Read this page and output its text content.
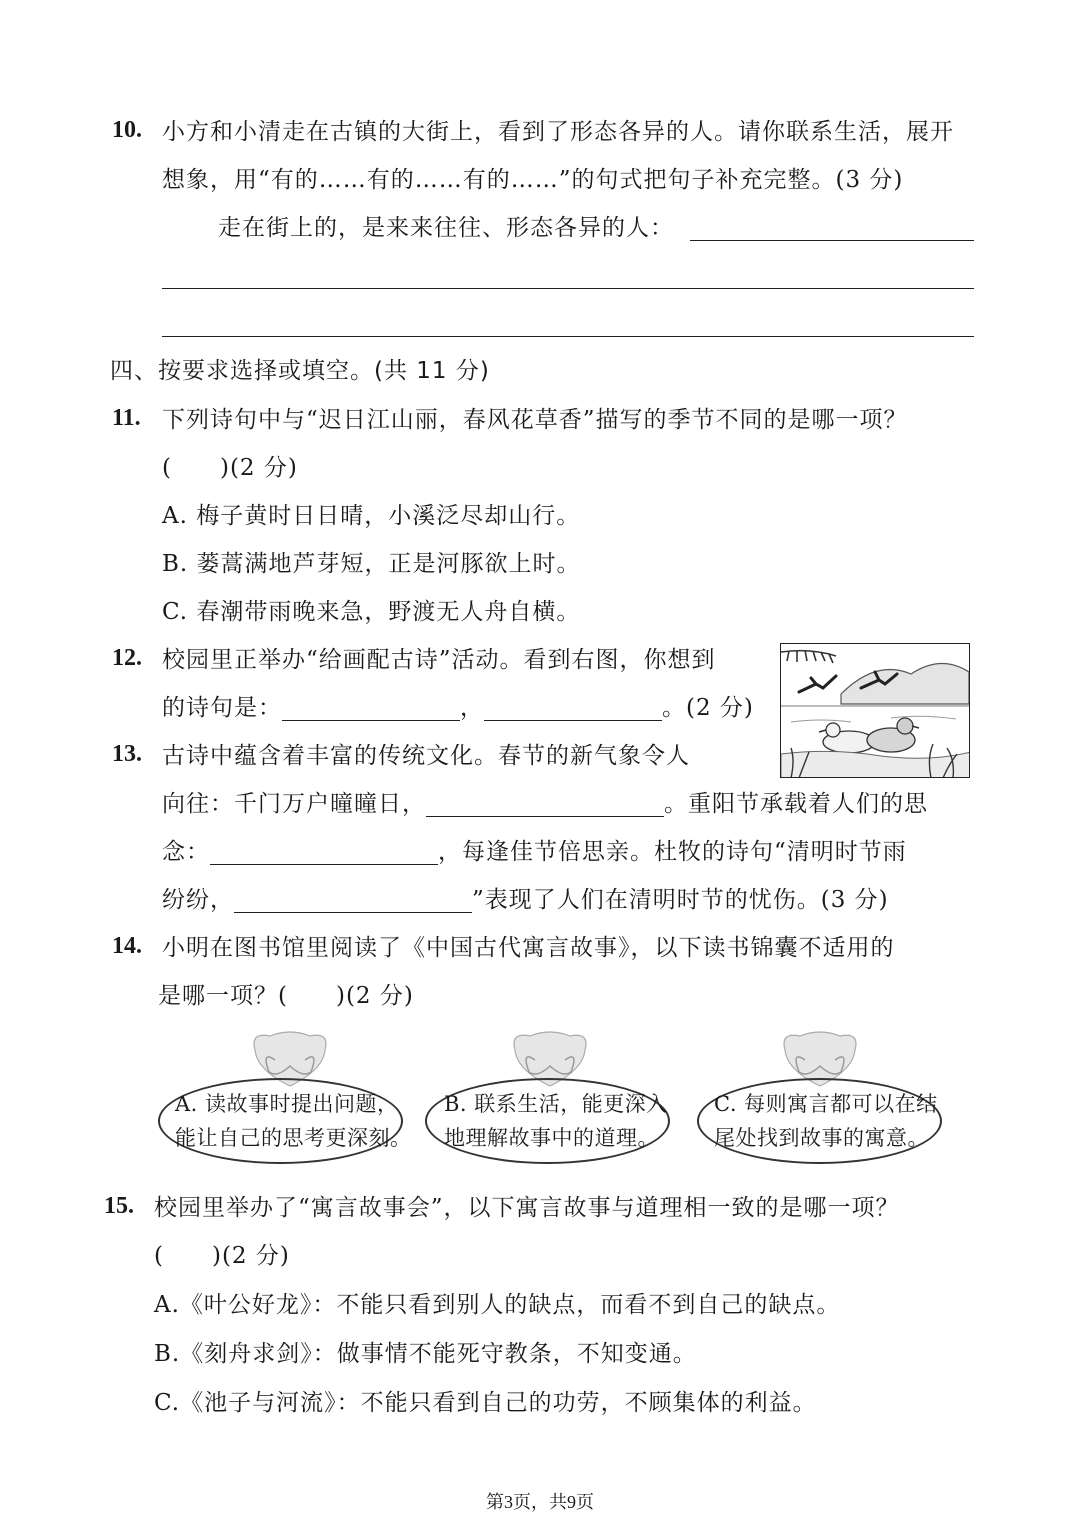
10. 小方和小清走在古镇的大街上，看到了形态各异的人。请你联系生活，展开
想象，用“有的……有的……有的……”的句式把句子补充完整。(3 分)
走在街上的，是来来往往、形态各异的人：
四、按要求选择或填空。(共 11 分)
11. 下列诗句中与“迟日江山丽，春风花草香”描写的季节不同的是哪一项？
(　　)(2 分)
A. 梅子黄时日日晴，小溪泛尽却山行。
B. 蒌蒿满地芦芽短，正是河豚欲上时。
C. 春潮带雨晚来急，野渡无人舟自横。
12. 校园里正举办“给画配古诗”活动。看到右图，你想到
的诗句是：	，	。(2 分)
13. 古诗中蕴含着丰富的传统文化。春节的新气象令人
向往：千门万户曈曈日，	。重阳节承载着人们的思
念：	，每逢佳节倍思亲。杜牧的诗句“清明时节雨
纷纷，	”表现了人们在清明时节的忧伤。(3 分)
14. 小明在图书馆里阅读了《中国古代寓言故事》，以下读书锦囊不适用的
是哪一项？(　　)(2 分)
A. 读故事时提出问题，
能让自己的思考更深刻。
B. 联系生活，能更深入
地理解故事中的道理。
C. 每则寓言都可以在结
尾处找到故事的寓意。
15. 校园里举办了“寓言故事会”，以下寓言故事与道理相一致的是哪一项？
(　　)(2 分)
A.《叶公好龙》：不能只看到别人的缺点，而看不到自己的缺点。
B.《刻舟求剑》：做事情不能死守教条，不知变通。
C.《池子与河流》：不能只看到自己的功劳，不顾集体的利益。
第3页，共9页
